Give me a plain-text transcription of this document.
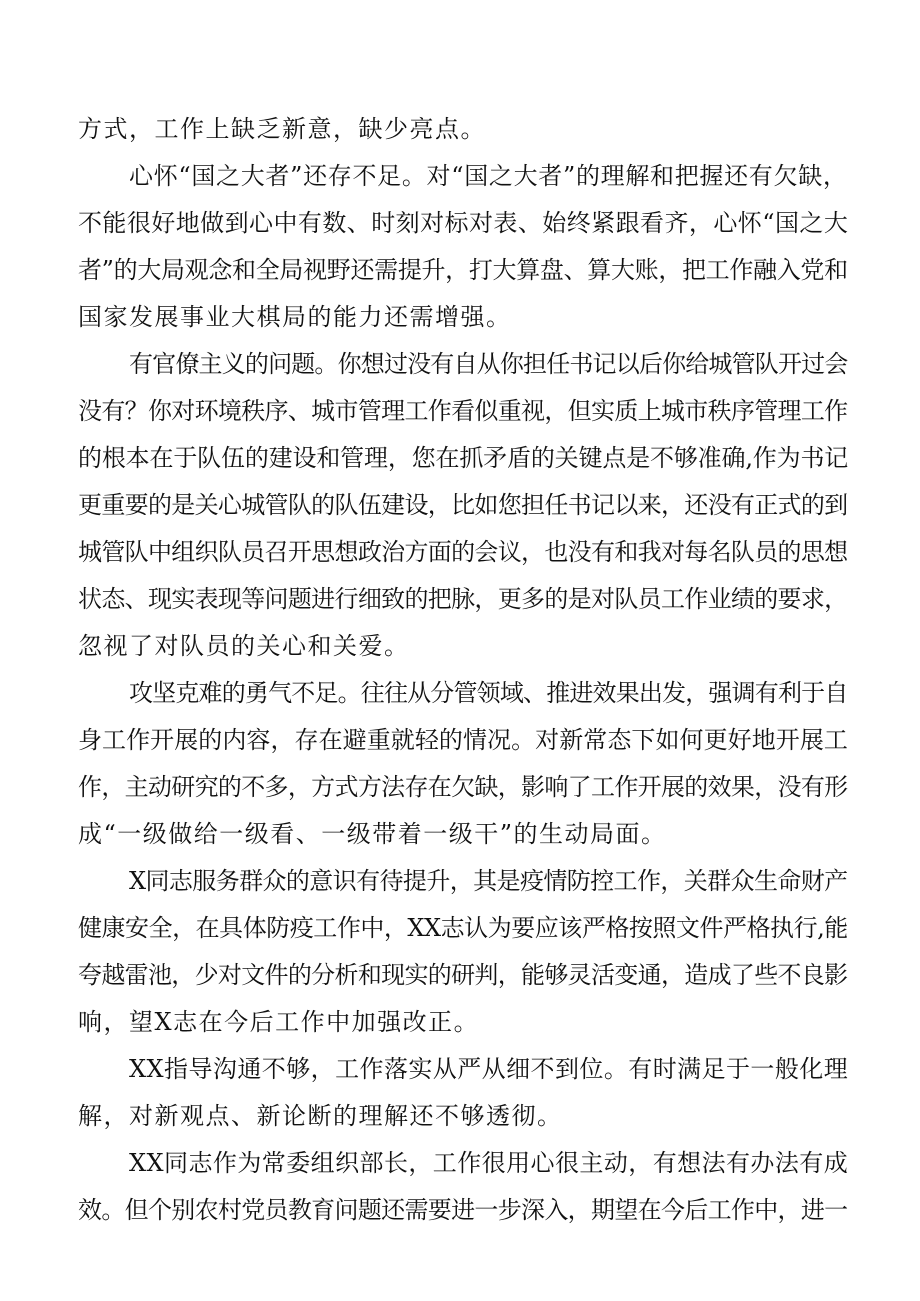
方式，工作上缺乏新意，缺少亮点。
心怀“国之大者”还存不足。对“国之大者”的理解和把握还有欠缺，
不能很好地做到心中有数、时刻对标对表、始终紧跟看齐，心怀“国之大
者”的大局观念和全局视野还需提升，打大算盘、算大账，把工作融入党和
国家发展事业大棋局的能力还需增强。
有官僚主义的问题。你想过没有自从你担任书记以后你给城管队开过会
没有？你对环境秩序、城市管理工作看似重视，但实质上城市秩序管理工作
的根本在于队伍的建设和管理，您在抓矛盾的关键点是不够准确,作为书记
更重要的是关心城管队的队伍建设，比如您担任书记以来，还没有正式的到
城管队中组织队员召开思想政治方面的会议，也没有和我对每名队员的思想
状态、现实表现等问题进行细致的把脉，更多的是对队员工作业绩的要求，
忽视了对队员的关心和关爱。
攻坚克难的勇气不足。往往从分管领域、推进效果出发，强调有利于自
身工作开展的内容，存在避重就轻的情况。对新常态下如何更好地开展工
作，主动研究的不多，方式方法存在欠缺，影响了工作开展的效果，没有形
成“一级做给一级看、一级带着一级干”的生动局面。
X同志服务群众的意识有待提升，其是疫情防控工作，关群众生命财产
健康安全，在具体防疫工作中，XX志认为要应该严格按照文件严格执行,能
夸越雷池，少对文件的分析和现实的研判，能够灵活变通，造成了些不良影
响，望X志在今后工作中加强改正。
XX指导沟通不够，工作落实从严从细不到位。有时满足于一般化理
解，对新观点、新论断的理解还不够透彻。
XX同志作为常委组织部长，工作很用心很主动，有想法有办法有成
效。但个别农村党员教育问题还需要进一步深入，期望在今后工作中，进一
